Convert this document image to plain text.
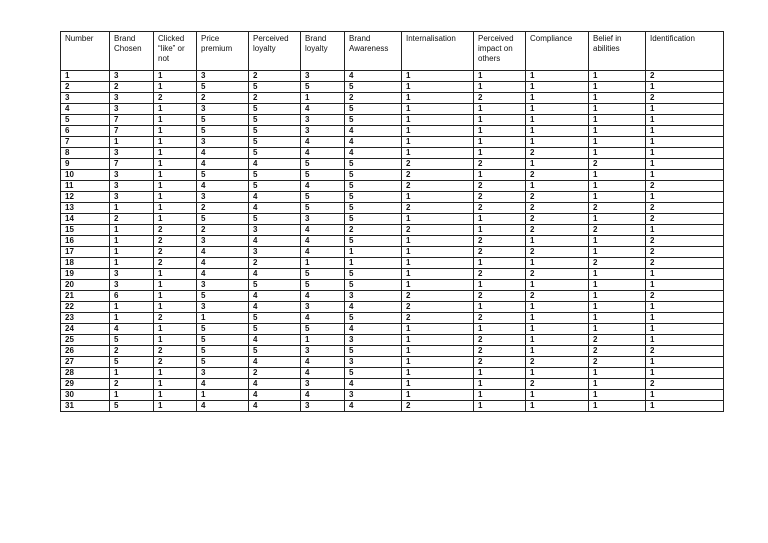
Number	Brand Chosen	Clicked “like” or not	Price premium	Perceived loyalty	Brand loyalty	Brand Awareness	Internalisation	Perceived impact on others	Compliance	Belief in abilities	Identification
1	3	1	3	2	3	4	1	1	1	1	2
2	2	1	5	5	5	5	1	1	1	1	1
3	3	2	2	2	1	2	1	2	1	1	2
4	3	1	3	5	4	5	1	1	1	1	1
5	7	1	5	5	3	5	1	1	1	1	1
6	7	1	5	5	3	4	1	1	1	1	1
7	1	1	3	5	4	4	1	1	1	1	1
8	3	1	4	5	4	4	1	1	2	1	1
9	7	1	4	4	5	5	2	2	1	2	1
10	3	1	5	5	5	5	2	1	2	1	1
11	3	1	4	5	4	5	2	2	1	1	2
12	3	1	3	4	5	5	1	2	2	1	1
13	1	1	2	4	5	5	2	2	2	2	2
14	2	1	5	5	3	5	1	1	2	1	2
15	1	2	2	3	4	2	2	1	2	2	1
16	1	2	3	4	4	5	1	2	1	1	2
17	1	2	4	3	4	1	1	2	2	1	2
18	1	2	4	2	1	1	1	1	1	2	2
19	3	1	4	4	5	5	1	2	2	1	1
20	3	1	3	5	5	5	1	1	1	1	1
21	6	1	5	4	4	3	2	2	2	1	2
22	1	1	3	4	3	4	2	1	1	1	1
23	1	2	1	5	4	5	2	2	1	1	1
24	4	1	5	5	5	4	1	1	1	1	1
25	5	1	5	4	1	3	1	2	1	2	1
26	2	2	5	5	3	5	1	2	1	2	2
27	5	2	5	4	4	3	1	2	2	2	1
28	1	1	3	2	4	5	1	1	1	1	1
29	2	1	4	4	3	4	1	1	2	1	2
30	1	1	1	4	4	3	1	1	1	1	1
31	5	1	4	4	3	4	2	1	1	1	1
